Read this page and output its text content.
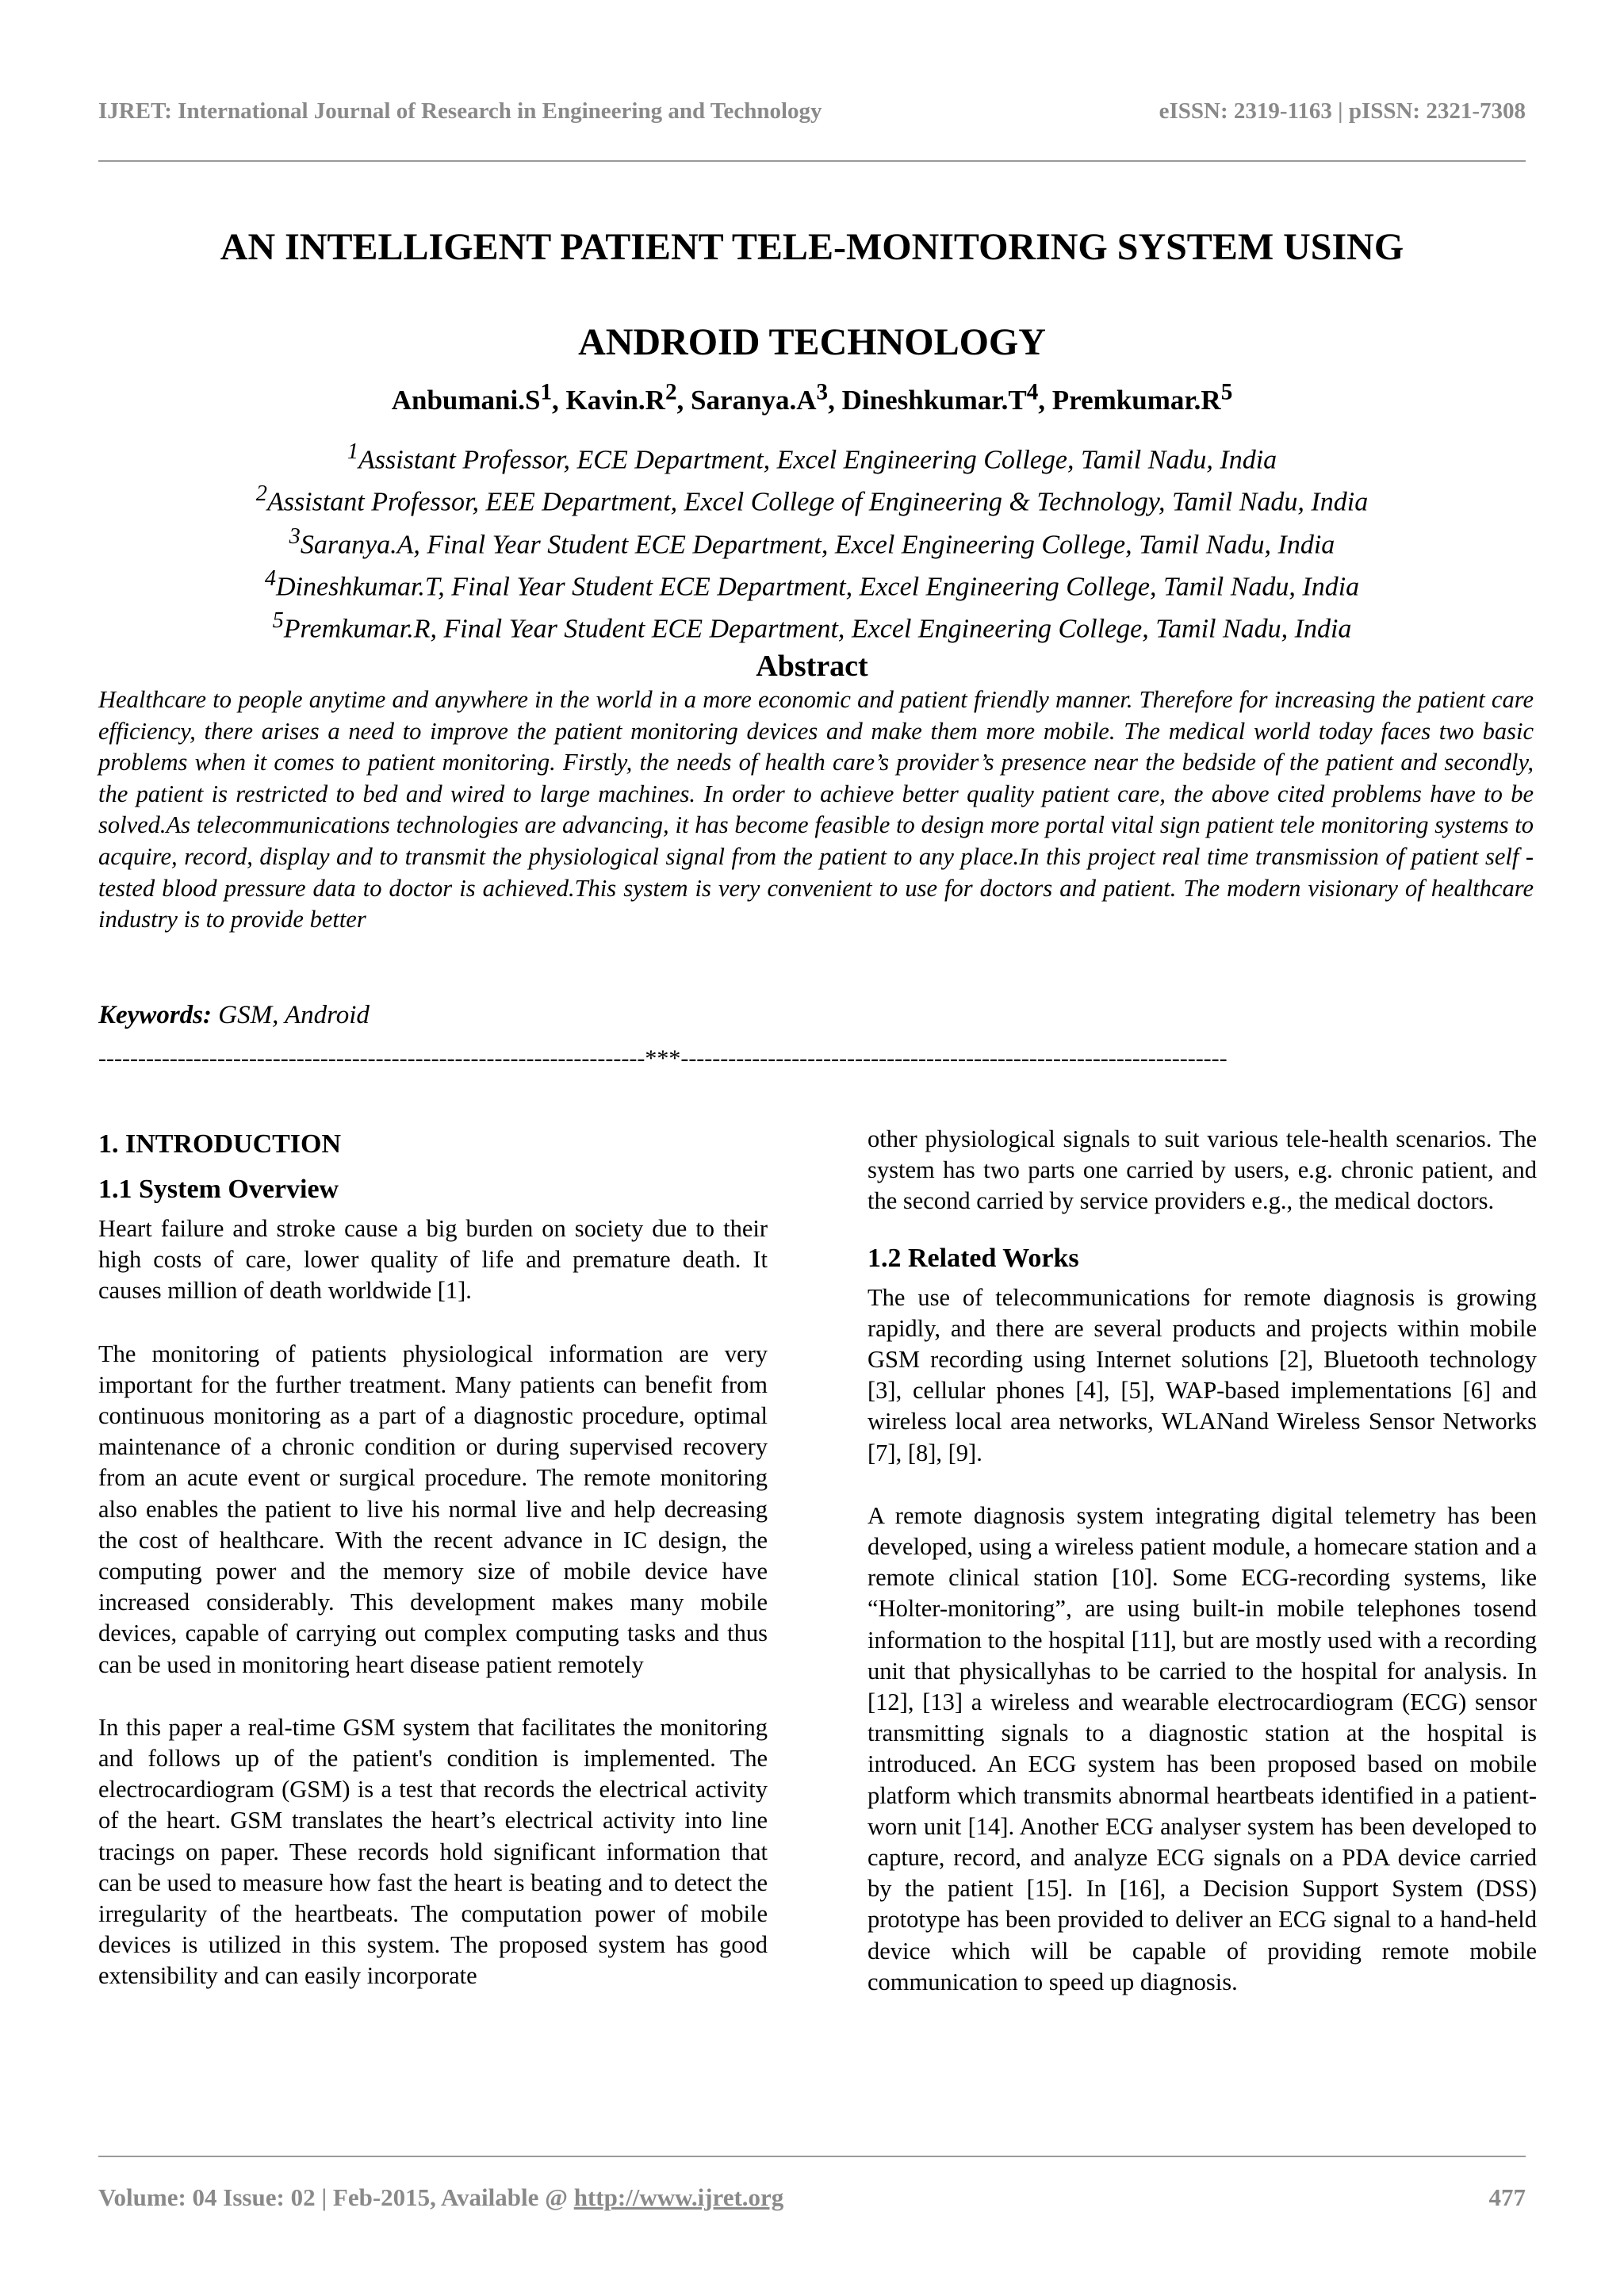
IJRET: International Journal of Research in Engineering and Technology	eISSN: 2319-1163 | pISSN: 2321-7308
AN INTELLIGENT PATIENT TELE-MONITORING SYSTEM USING
ANDROID TECHNOLOGY
$Anbumani.S^1$, $Kavin.R^2$, $Saranya.A^3$, $Dineshkumar.T^4$, $Premkumar.R^5$
$^1$Assistant Professor, ECE Department, Excel Engineering College, Tamil Nadu, India
$^2$Assistant Professor, EEE Department, Excel College of Engineering & Technology, Tamil Nadu, India
$^3$Saranya.A, Final Year Student ECE Department, Excel Engineering College, Tamil Nadu, India
$^4$Dineshkumar.T, Final Year Student ECE Department, Excel Engineering College, Tamil Nadu, India
$^5$Premkumar.R, Final Year Student ECE Department, Excel Engineering College, Tamil Nadu, India
Abstract

Healthcare to people anytime and anywhere in the world in a more economic and patient friendly manner. Therefore for increasing the patient care efficiency, there arises a need to improve the patient monitoring devices and make them more mobile. The medical world today faces two basic problems when it comes to patient monitoring. Firstly, the needs of health care’s provider’s presence near the bedside of the patient and secondly, the patient is restricted to bed and wired to large machines. In order to achieve better quality patient care, the above cited problems have to be solved.As telecommunications technologies are advancing, it has become feasible to design more portal vital sign patient tele monitoring systems to acquire, record, display and to transmit the physiological signal from the patient to any place.In this project real time transmission of patient self -tested blood pressure data to doctor is achieved.This system is very convenient to use for doctors and patient. The modern visionary of healthcare industry is to provide better

Keywords: GSM, Android
---------------------------------------------------------------------***---------------------------------------------------------------------
1. INTRODUCTION
1.1 System Overview

Heart failure and stroke cause a big burden on society due to their high costs of care, lower quality of life and premature death. It causes million of death worldwide [1].

The monitoring of patients physiological information are very important for the further treatment. Many patients can benefit from continuous monitoring as a part of a diagnostic procedure, optimal maintenance of a chronic condition or during supervised recovery from an acute event or surgical procedure. The remote monitoring also enables the patient to live his normal live and help decreasing the cost of healthcare. With the recent advance in IC design, the computing power and the memory size of mobile device have increased considerably. This development makes many mobile devices, capable of carrying out complex computing tasks and thus can be used in monitoring heart disease patient remotely

In this paper a real-time GSM system that facilitates the monitoring and follows up of the patient's condition is implemented. The electrocardiogram (GSM) is a test that records the electrical activity of the heart. GSM translates the heart’s electrical activity into line tracings on paper. These records hold significant information that can be used to measure how fast the heart is beating and to detect the irregularity of the heartbeats. The computation power of mobile devices is utilized in this system. The proposed system has good extensibility and can easily incorporate

other physiological signals to suit various tele-health scenarios. The system has two parts one carried by users, e.g. chronic patient, and the second carried by service providers e.g., the medical doctors.

1.2 Related Works

The use of telecommunications for remote diagnosis is growing rapidly, and there are several products and projects within mobile GSM recording using Internet solutions [2], Bluetooth technology [3], cellular phones [4], [5], WAP-based implementations [6] and wireless local area networks, WLANand Wireless Sensor Networks [7], [8], [9].

A remote diagnosis system integrating digital telemetry has been developed, using a wireless patient module, a homecare station and a remote clinical station [10]. Some ECG-recording systems, like “Holter-monitoring”, are using built-in mobile telephones tosend information to the hospital [11], but are mostly used with a recording unit that physicallyhas to be carried to the hospital for analysis. In [12], [13] a wireless and wearable electrocardiogram (ECG) sensor transmitting signals to a diagnostic station at the hospital is introduced. An ECG system has been proposed based on mobile platform which transmits abnormal heartbeats identified in a patient-worn unit [14]. Another ECG analyser system has been developed to capture, record, and analyze ECG signals on a PDA device carried by the patient [15]. In [16], a Decision Support System (DSS) prototype has been provided to deliver an ECG signal to a hand-held device which will be capable of providing remote mobile communication to speed up diagnosis.

Volume: 04 Issue: 02 | Feb-2015, Available @ http://www.ijret.org	477
